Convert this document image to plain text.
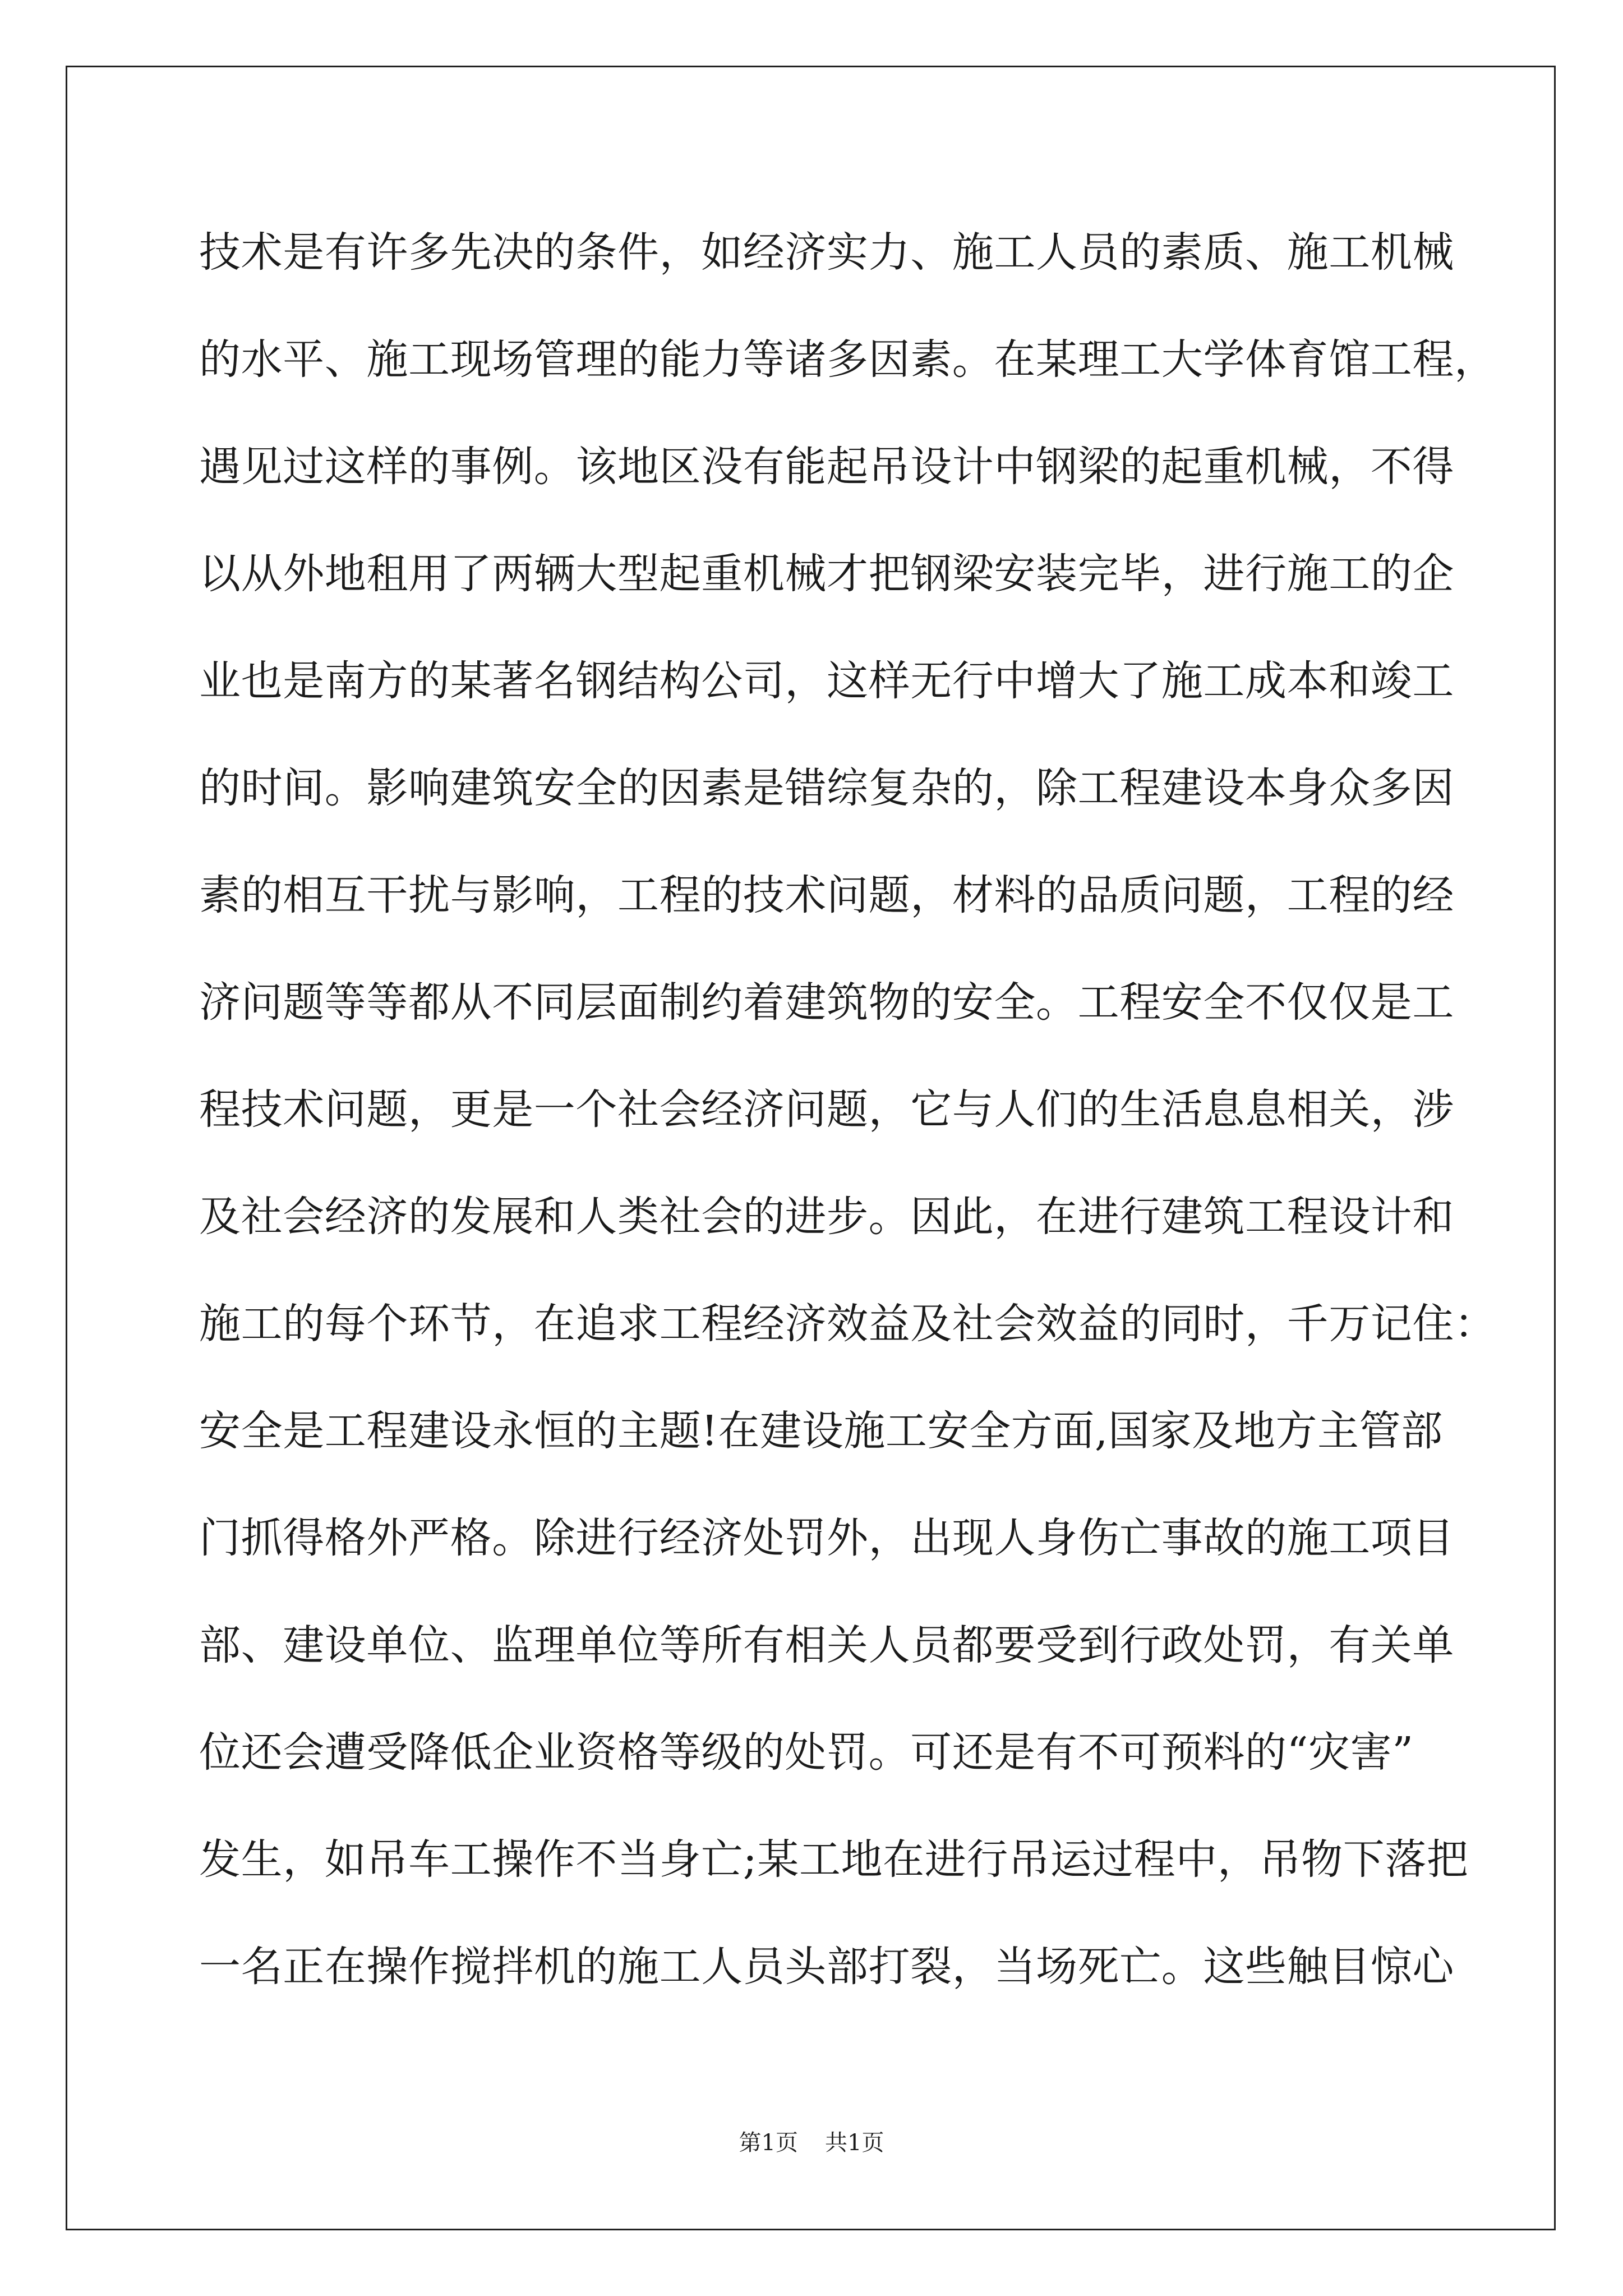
技术是有许多先决的条件，如经济实力、施工人员的素质、施工机械
的水平、施工现场管理的能力等诸多因素。在某理工大学体育馆工程，
遇见过这样的事例。该地区没有能起吊设计中钢梁的起重机械，不得
以从外地租用了两辆大型起重机械才把钢梁安装完毕，进行施工的企
业也是南方的某著名钢结构公司，这样无行中增大了施工成本和竣工
的时间。影响建筑安全的因素是错综复杂的，除工程建设本身众多因
素的相互干扰与影响，工程的技术问题，材料的品质问题，工程的经
济问题等等都从不同层面制约着建筑物的安全。工程安全不仅仅是工
程技术问题，更是一个社会经济问题，它与人们的生活息息相关，涉
及社会经济的发展和人类社会的进步。因此，在进行建筑工程设计和
施工的每个环节，在追求工程经济效益及社会效益的同时，千万记住：
安全是工程建设永恒的主题!在建设施工安全方面,国家及地方主管部
门抓得格外严格。除进行经济处罚外，出现人身伤亡事故的施工项目
部、建设单位、监理单位等所有相关人员都要受到行政处罚，有关单
位还会遭受降低企业资格等级的处罚。可还是有不可预料的“灾害”
发生，如吊车工操作不当身亡;某工地在进行吊运过程中，吊物下落把
一名正在操作搅拌机的施工人员头部打裂，当场死亡。这些触目惊心
第1页 共1页
